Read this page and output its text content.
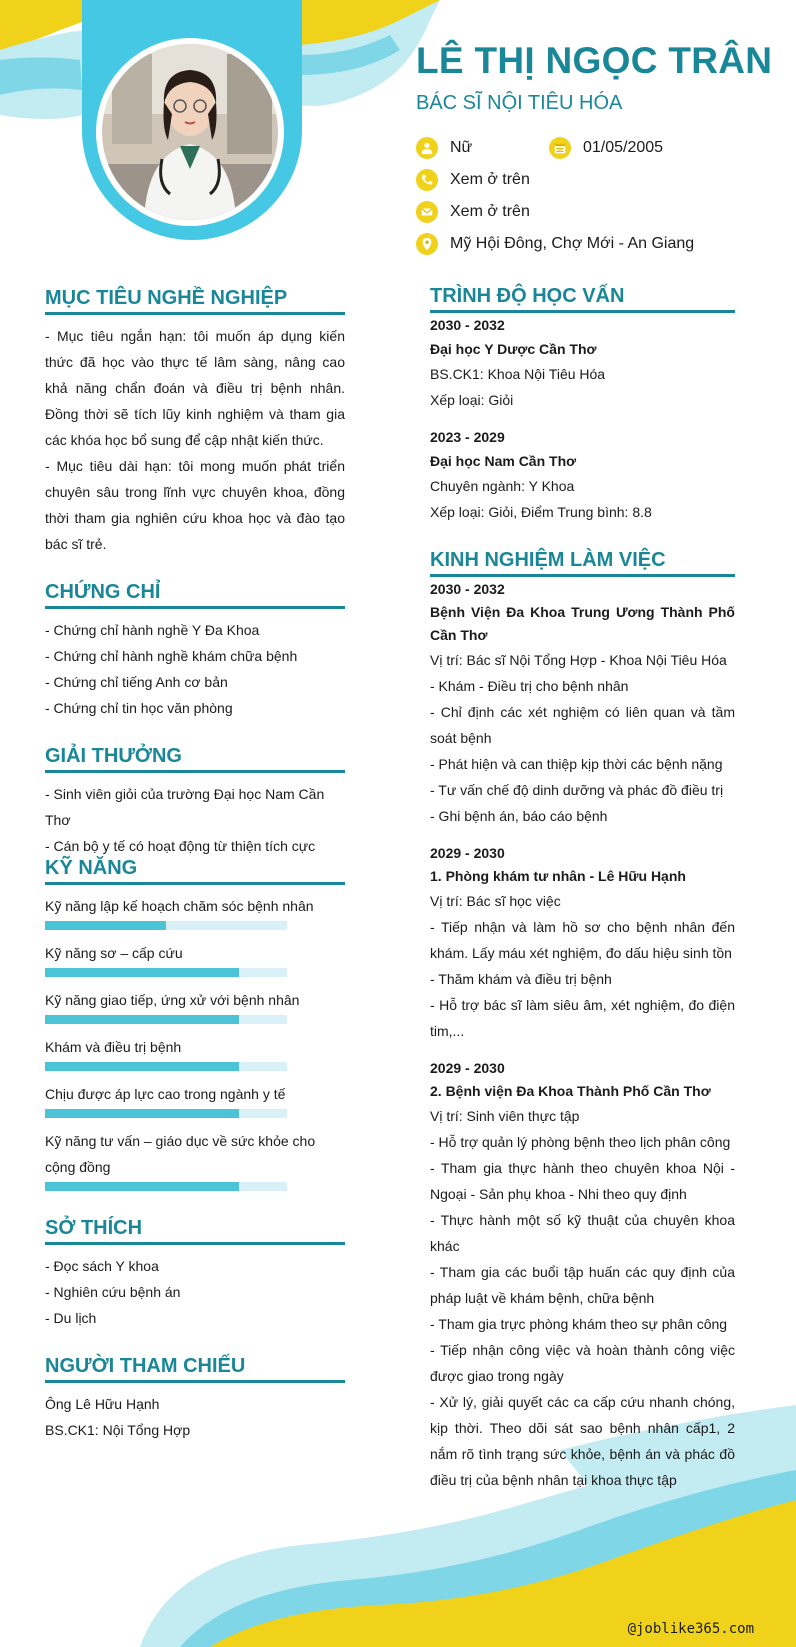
LÊ THỊ NGỌC TRÂN
BÁC SĨ NỘI TIÊU HÓA
Nữ	01/05/2005
Xem ở trên
Xem ở trên
Mỹ Hội Đông, Chợ Mới - An Giang
MỤC TIÊU NGHỀ NGHIỆP

- Mục tiêu ngắn hạn: tôi muốn áp dụng kiến thức đã học vào thực tế lâm sàng, nâng cao khả năng chẩn đoán và điều trị bệnh nhân. Đồng thời sẽ tích lũy kinh nghiệm và tham gia các khóa học bổ sung để cập nhật kiến thức.

- Mục tiêu dài hạn: tôi mong muốn phát triển chuyên sâu trong lĩnh vực chuyên khoa, đồng thời tham gia nghiên cứu khoa học và đào tạo bác sĩ trẻ.

CHỨNG CHỈ

- Chứng chỉ hành nghề Y Đa Khoa

- Chứng chỉ hành nghề khám chữa bệnh

- Chứng chỉ tiếng Anh cơ bản

- Chứng chỉ tin học văn phòng

GIẢI THƯỞNG

- Sinh viên giỏi của trường Đại học Nam Cần Thơ

- Cán bộ y tế có hoạt động từ thiện tích cực

KỸ NĂNG
Kỹ năng lập kế hoạch chăm sóc bệnh nhân
Kỹ năng sơ – cấp cứu
Kỹ năng giao tiếp, ứng xử với bệnh nhân
Khám và điều trị bệnh
Chịu được áp lực cao trong ngành y tế
Kỹ năng tư vấn – giáo dục về sức khỏe cho cộng đồng
SỞ THÍCH

- Đọc sách Y khoa

- Nghiên cứu bệnh án

- Du lịch

NGƯỜI THAM CHIẾU

Ông Lê Hữu Hạnh

BS.CK1: Nội Tổng Hợp

TRÌNH ĐỘ HỌC VẤN

2030 - 2032

Đại học Y Dược Cần Thơ

BS.CK1: Khoa Nội Tiêu Hóa

Xếp loại: Giỏi

2023 - 2029

Đại học Nam Cần Thơ

Chuyên ngành: Y Khoa

Xếp loại: Giỏi, Điểm Trung bình: 8.8

KINH NGHIỆM LÀM VIỆC

2030 - 2032

Bệnh Viện Đa Khoa Trung Ương Thành Phố Cần Thơ

Vị trí: Bác sĩ Nội Tổng Hợp - Khoa Nội Tiêu Hóa

- Khám - Điều trị cho bệnh nhân

- Chỉ định các xét nghiệm có liên quan và tầm soát bệnh

- Phát hiện và can thiệp kịp thời các bệnh nặng

- Tư vấn chế độ dinh dưỡng và phác đồ điều trị

- Ghi bệnh án, báo cáo bệnh

2029 - 2030

1. Phòng khám tư nhân - Lê Hữu Hạnh

Vị trí: Bác sĩ học việc

- Tiếp nhận và làm hồ sơ cho bệnh nhân đến khám. Lấy máu xét nghiệm, đo dấu hiệu sinh tồn

- Thăm khám và điều trị bệnh

- Hỗ trợ bác sĩ làm siêu âm, xét nghiệm, đo điện tim,...

2029 - 2030

2. Bệnh viện Đa Khoa Thành Phố Cần Thơ

Vị trí: Sinh viên thực tập

- Hỗ trợ quản lý phòng bệnh theo lịch phân công

- Tham gia thực hành theo chuyên khoa Nội - Ngoại - Sản phụ khoa - Nhi theo quy định

- Thực hành một số kỹ thuật của chuyên khoa khác

- Tham gia các buổi tập huấn các quy định của pháp luật về khám bệnh, chữa bệnh

- Tham gia trực phòng khám theo sự phân công

- Tiếp nhận công việc và hoàn thành công việc được giao trong ngày

- Xử lý, giải quyết các ca cấp cứu nhanh chóng, kịp thời. Theo dõi sát sao bệnh nhân cấp1, 2 nắm rõ tình trạng sức khỏe, bệnh án và phác đồ điều trị của bệnh nhân tại khoa thực tập

@joblike365.com
